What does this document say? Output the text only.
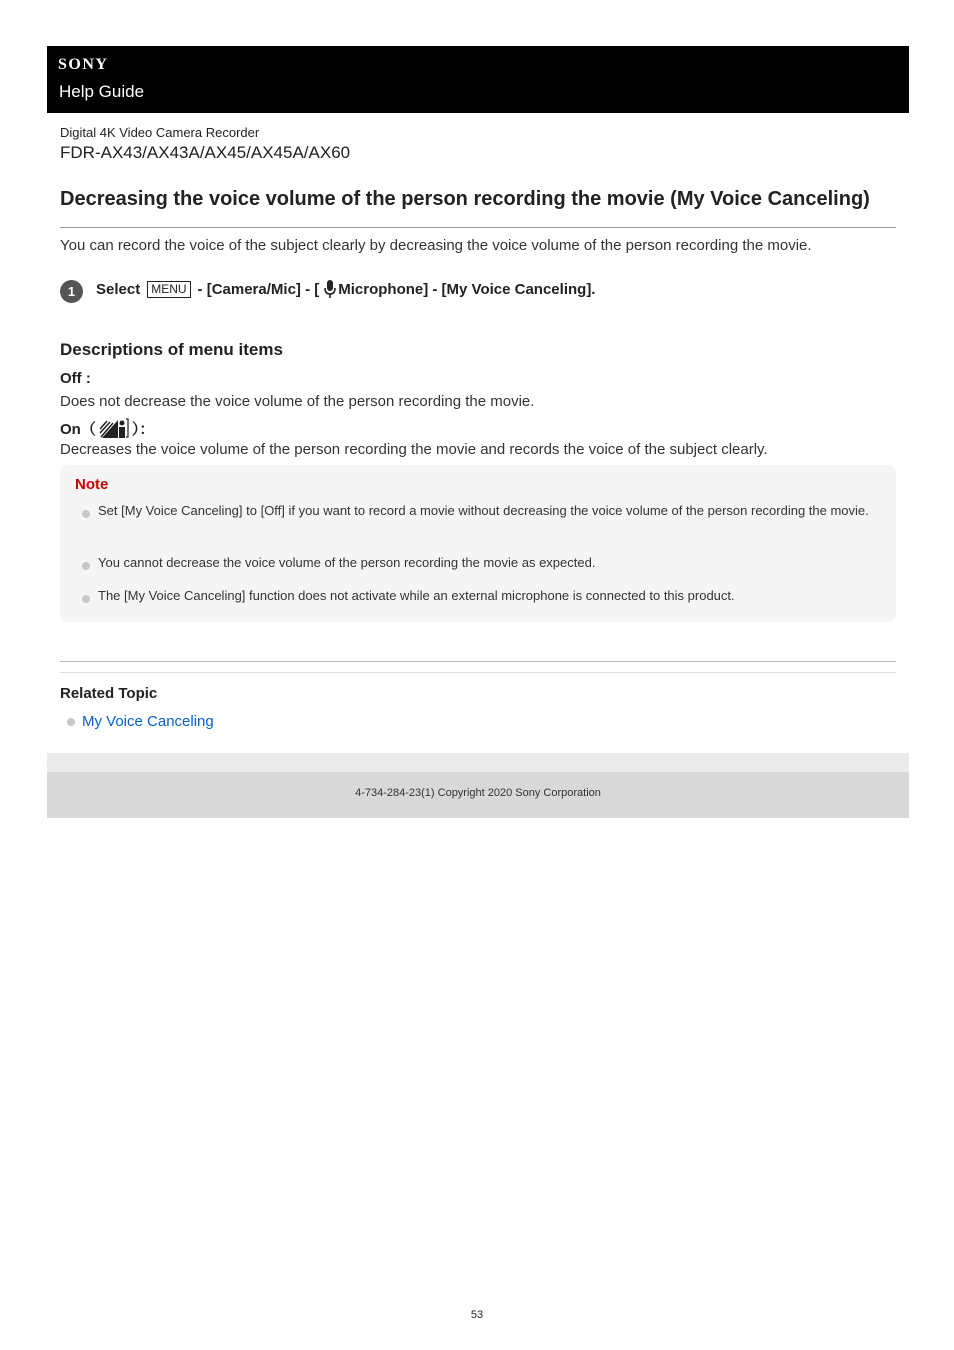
SONY
Help Guide
Digital 4K Video Camera Recorder
FDR-AX43/AX43A/AX45/AX45A/AX60
Decreasing the voice volume of the person recording the movie (My Voice Canceling)

You can record the voice of the subject clearly by decreasing the voice volume of the person recording the movie.

1	Select MENU - [Camera/Mic] - [ Microphone] - [My Voice Canceling].
Descriptions of menu items
Off :

Does not decrease the voice volume of the person recording the movie.

On（ ）：

Decreases the voice volume of the person recording the movie and records the voice of the subject clearly.

Note
Set [My Voice Canceling] to [Off] if you want to record a movie without decreasing the voice volume of the person recording the movie.
You cannot decrease the voice volume of the person recording the movie as expected.
The [My Voice Canceling] function does not activate while an external microphone is connected to this product.
Related Topic
My Voice Canceling
4-734-284-23(1) Copyright 2020 Sony Corporation
53
